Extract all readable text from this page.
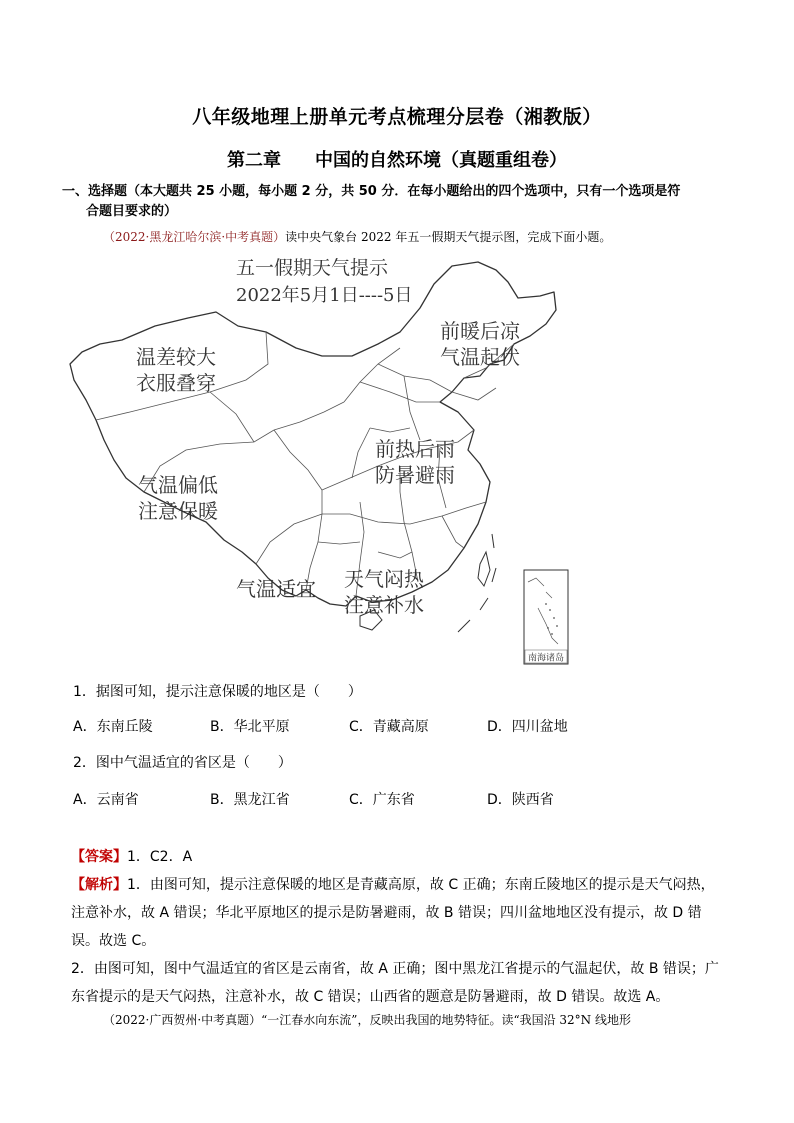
八年级地理上册单元考点梳理分层卷（湘教版）
第二章 中国的自然环境（真题重组卷）
一、选择题（本大题共 25 小题，每小题 2 分，共 50 分．在每小题给出的四个选项中，只有一个选项是符
合题目要求的）
（2022·黑龙江哈尔滨·中考真题）读中央气象台 2022 年五一假期天气提示图，完成下面小题。
南海诸岛
五一假期天气提示
2022年5月1日----5日
温差较大
衣服叠穿
前暖后凉
气温起伏
前热后雨
防暑避雨
气温偏低
注意保暖
天气闷热
注意补水
气温适宜
1．据图可知，提示注意保暖的地区是（　　）
A．东南丘陵	B．华北平原	C．青藏高原	D．四川盆地
2．图中气温适宜的省区是（　　）
A．云南省	B．黑龙江省	C．广东省	D．陕西省
【答案】1．C2．A

【解析】1．由图可知，提示注意保暖的地区是青藏高原，故 C 正确；东南丘陵地区的提示是天气闷热，注意补水，故 A 错误；华北平原地区的提示是防暑避雨，故 B 错误；四川盆地地区没有提示，故 D 错误。故选 C。

2．由图可知，图中气温适宜的省区是云南省，故 A 正确；图中黑龙江省提示的气温起伏，故 B 错误；广东省提示的是天气闷热，注意补水，故 C 错误；山西省的题意是防暑避雨，故 D 错误。故选 A。

（2022·广西贺州·中考真题）“一江春水向东流”，反映出我国的地势特征。读“我国沿 32°N 线地形
